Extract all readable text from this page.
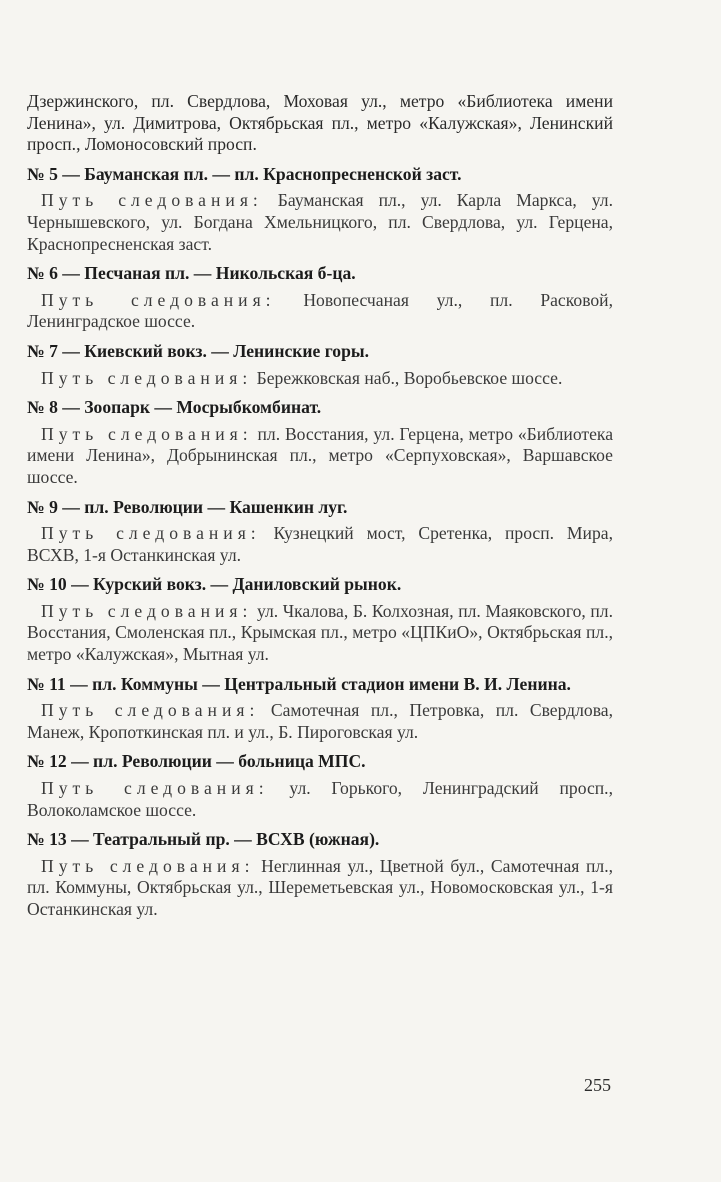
Дзержинского, пл. Свердлова, Моховая ул., метро «Библиотека имени Ленина», ул. Димитрова, Октябрьская пл., метро «Калужская», Ленинский просп., Ломоносовский просп.

№ 5 — Бауманская пл. — пл. Краснопресненской заст.

Путь следования: Бауманская пл., ул. Карла Маркса, ул. Чернышевского, ул. Богдана Хмельницкого, пл. Свердлова, ул. Герцена, Краснопресненская заст.

№ 6 — Песчаная пл. — Никольская б-ца.

Путь следования: Новопесчаная ул., пл. Расковой, Ленинградское шоссе.

№ 7 — Киевский вокз. — Ленинские горы.

Путь следования: Бережковская наб., Воробьевское шоссе.

№ 8 — Зоопарк — Мосрыбкомбинат.

Путь следования: пл. Восстания, ул. Герцена, метро «Библиотека имени Ленина», Добрынинская пл., метро «Серпуховская», Варшавское шоссе.

№ 9 — пл. Революции — Кашенкин луг.

Путь следования: Кузнецкий мост, Сретенка, просп. Мира, ВСХВ, 1-я Останкинская ул.

№ 10 — Курский вокз. — Даниловский рынок.

Путь следования: ул. Чкалова, Б. Колхозная, пл. Маяковского, пл. Восстания, Смоленская пл., Крымская пл., метро «ЦПКиО», Октябрьская пл., метро «Калужская», Мытная ул.

№ 11 — пл. Коммуны — Центральный стадион имени В. И. Ленина.

Путь следования: Самотечная пл., Петровка, пл. Свердлова, Манеж, Кропоткинская пл. и ул., Б. Пироговская ул.

№ 12 — пл. Революции — больница МПС.

Путь следования: ул. Горького, Ленинградский просп., Волоколамское шоссе.

№ 13 — Театральный пр. — ВСХВ (южная).

Путь следования: Неглинная ул., Цветной бул., Самотечная пл., пл. Коммуны, Октябрьская ул., Шереметьевская ул., Новомосковская ул., 1-я Останкинская ул.

255
